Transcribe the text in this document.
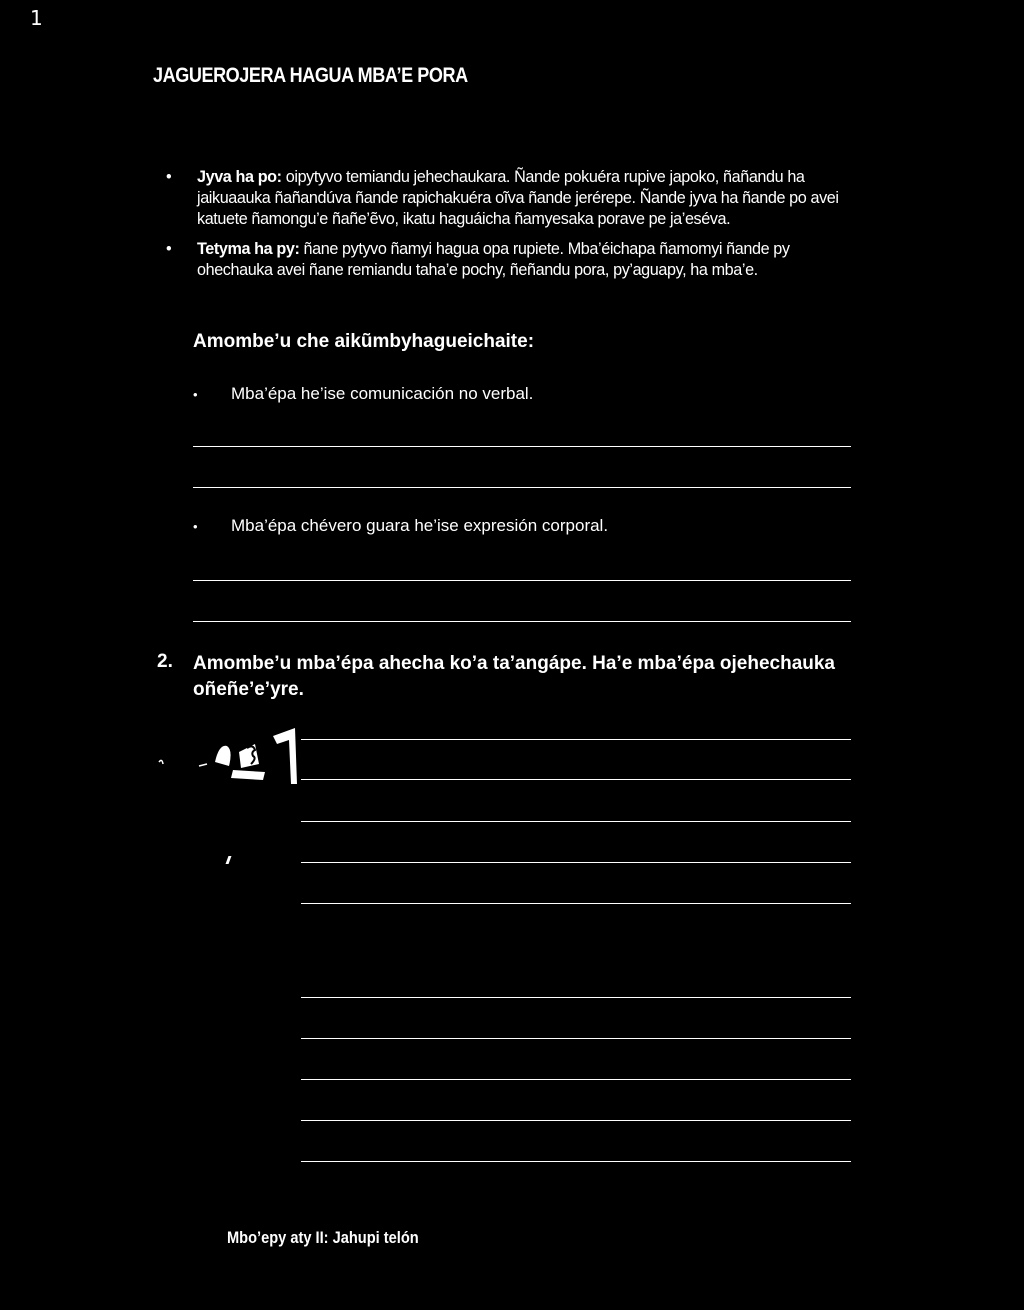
1
JAGUEROJERA HAGUA MBA’E PORA
• Jyva ha po: oipytyvo temiandu jehechaukara. Ñande pokuéra rupive japoko, ñañandu ha jaikuaauka ñañandúva ñande rapichakuéra oĩva ñande jerérepe. Ñande jyva ha ñande po avei katuete ñamongu’e ñañe’ẽvo, ikatu haguáicha ñamyesaka porave pe ja’eséva.
• Tetyma ha py: ñane pytyvo ñamyi hagua opa rupiete. Mba’éichapa ñamomyi ñande py ohechauka avei ñane remiandu taha’e pochy, ñeñandu pora, py’aguapy, ha mba’e.
Amombe’u che aikũmbyhagueichaite:
• Mba’épa he’ise comunicación no verbal.
• Mba’épa chévero guara he’ise expresión corporal.
2. Amombe’u mba’épa ahecha ko’a ta’angápe. Ha’e mba’épa ojehechauka oñeñe’e’yre.
Mbo’epy aty II: Jahupi telón
